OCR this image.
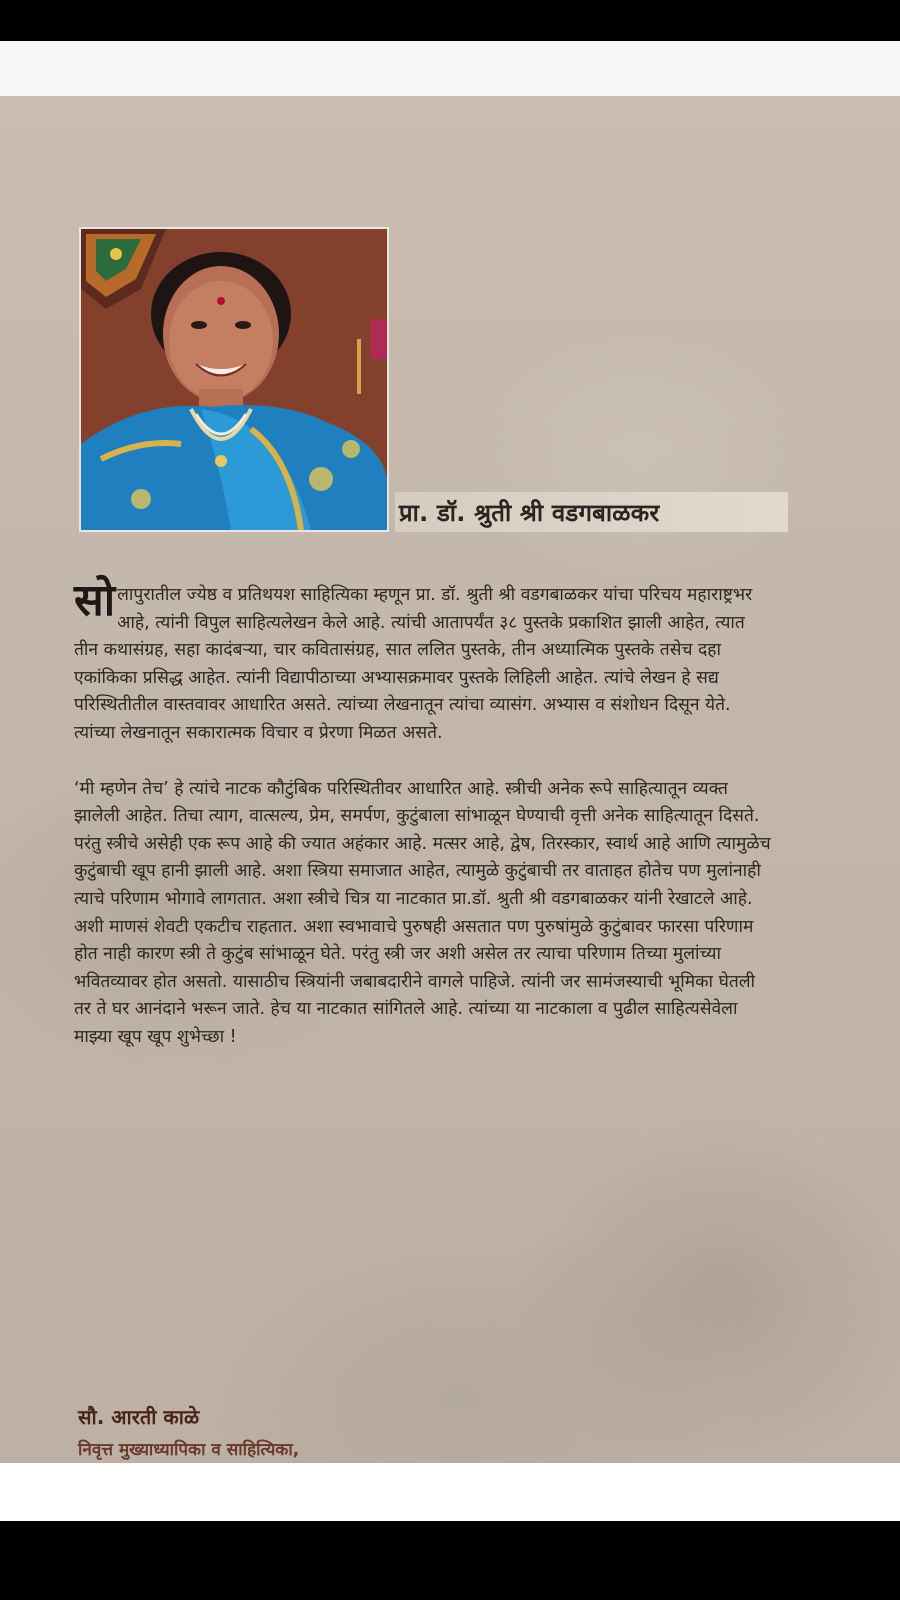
प्रा. डॉ. श्रुती श्री वडगबाळकर

सोलापुरातील ज्येष्ठ व प्रतिथयश साहित्यिका म्हणून प्रा. डॉ. श्रुती श्री वडगबाळकर यांचा परिचय महाराष्ट्रभर आहे, त्यांनी विपुल साहित्यलेखन केले आहे. त्यांची आतापर्यंत ३८ पुस्तके प्रकाशित झाली आहेत, त्यात तीन कथासंग्रह, सहा कादंबऱ्या, चार कवितासंग्रह, सात ललित पुस्तके, तीन अध्यात्मिक पुस्तके तसेच दहा एकांकिका प्रसिद्ध आहेत. त्यांनी विद्यापीठाच्या अभ्यासक्रमावर पुस्तके लिहिली आहेत. त्यांचे लेखन हे सद्य परिस्थितीतील वास्तवावर आधारित असते. त्यांच्या लेखनातून त्यांचा व्यासंग. अभ्यास व संशोधन दिसून येते. त्यांच्या लेखनातून सकारात्मक विचार व प्रेरणा मिळत असते.

‘मी म्हणेन तेच’ हे त्यांचे नाटक कौटुंबिक परिस्थितीवर आधारित आहे. स्त्रीची अनेक रूपे साहित्यातून व्यक्त झालेली आहेत. तिचा त्याग, वात्सल्य, प्रेम, समर्पण, कुटुंबाला सांभाळून घेण्याची वृत्ती अनेक साहित्यातून दिसते. परंतु स्त्रीचे असेही एक रूप आहे की ज्यात अहंकार आहे. मत्सर आहे, द्वेष, तिरस्कार, स्वार्थ आहे आणि त्यामुळेच कुटुंबाची खूप हानी झाली आहे. अशा स्त्रिया समाजात आहेत, त्यामुळे कुटुंबाची तर वाताहत होतेच पण मुलांनाही त्याचे परिणाम भोगावे लागतात. अशा स्त्रीचे चित्र या नाटकात प्रा.डॉ. श्रुती श्री वडगबाळकर यांनी रेखाटले आहे. अशी माणसं शेवटी एकटीच राहतात. अशा स्वभावाचे पुरुषही असतात पण पुरुषांमुळे कुटुंबावर फारसा परिणाम होत नाही कारण स्त्री ते कुटुंब सांभाळून घेते. परंतु स्त्री जर अशी असेल तर त्याचा परिणाम तिच्या मुलांच्या भवितव्यावर होत असतो. यासाठीच स्त्रियांनी जबाबदारीने वागले पाहिजे. त्यांनी जर सामंजस्याची भूमिका घेतली तर ते घर आनंदाने भरून जाते. हेच या नाटकात सांगितले आहे. त्यांच्या या नाटकाला व पुढील साहित्यसेवेला माझ्या खूप खूप शुभेच्छा !

सौ. आरती काळे
निवृत्त मुख्याध्यापिका व साहित्यिका,
